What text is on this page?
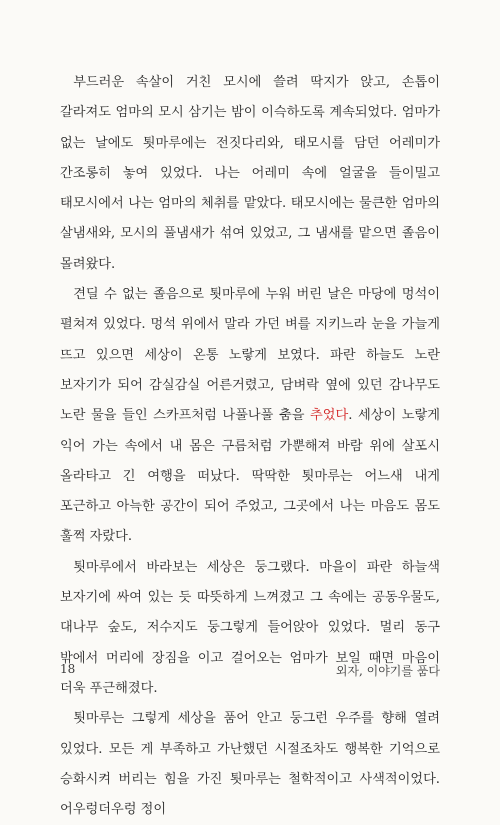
부드러운 속살이 거친 모시에 쓸려 딱지가 앉고, 손톱이 갈라져도 엄마의 모시 삼기는 밤이 이슥하도록 계속되었다. 엄마가 없는 날에도 툇마루에는 전짓다리와, 태모시를 담던 어레미가 간조롱히 놓여 있었다. 나는 어레미 속에 얼굴을 들이밀고 태모시에서 나는 엄마의 체취를 맡았다. 태모시에는 물큰한 엄마의 살냄새와, 모시의 풀냄새가 섞여 있었고, 그 냄새를 맡으면 졸음이 몰려왔다.

견딜 수 없는 졸음으로 툇마루에 누워 버린 날은 마당에 멍석이 펼쳐져 있었다. 멍석 위에서 말라 가던 벼를 지키느라 눈을 가늘게 뜨고 있으면 세상이 온통 노랗게 보였다. 파란 하늘도 노란 보자기가 되어 감실감실 어른거렸고, 담벼락 옆에 있던 감나무도 노란 물을 들인 스카프처럼 나풀나풀 춤을 추었다. 세상이 노랗게 익어 가는 속에서 내 몸은 구름처럼 가뿐해져 바람 위에 살포시 올라타고 긴 여행을 떠났다. 딱딱한 툇마루는 어느새 내게 포근하고 아늑한 공간이 되어 주었고, 그곳에서 나는 마음도 몸도 훌쩍 자랐다.

툇마루에서 바라보는 세상은 둥그랬다. 마을이 파란 하늘색 보자기에 싸여 있는 듯 따뜻하게 느껴졌고 그 속에는 공동우물도, 대나무 숲도, 저수지도 둥그렇게 들어앉아 있었다. 멀리 동구 밖에서 머리에 장짐을 이고 걸어오는 엄마가 보일 때면 마음이 더욱 푸근해졌다.

툇마루는 그렇게 세상을 품어 안고 둥그런 우주를 향해 열려 있었다. 모든 게 부족하고 가난했던 시절조차도 행복한 기억으로 승화시켜 버리는 힘을 가진 툇마루는 철학적이고 사색적이었다. 어우렁더우렁 정이

18	외자, 이야기를 품다
